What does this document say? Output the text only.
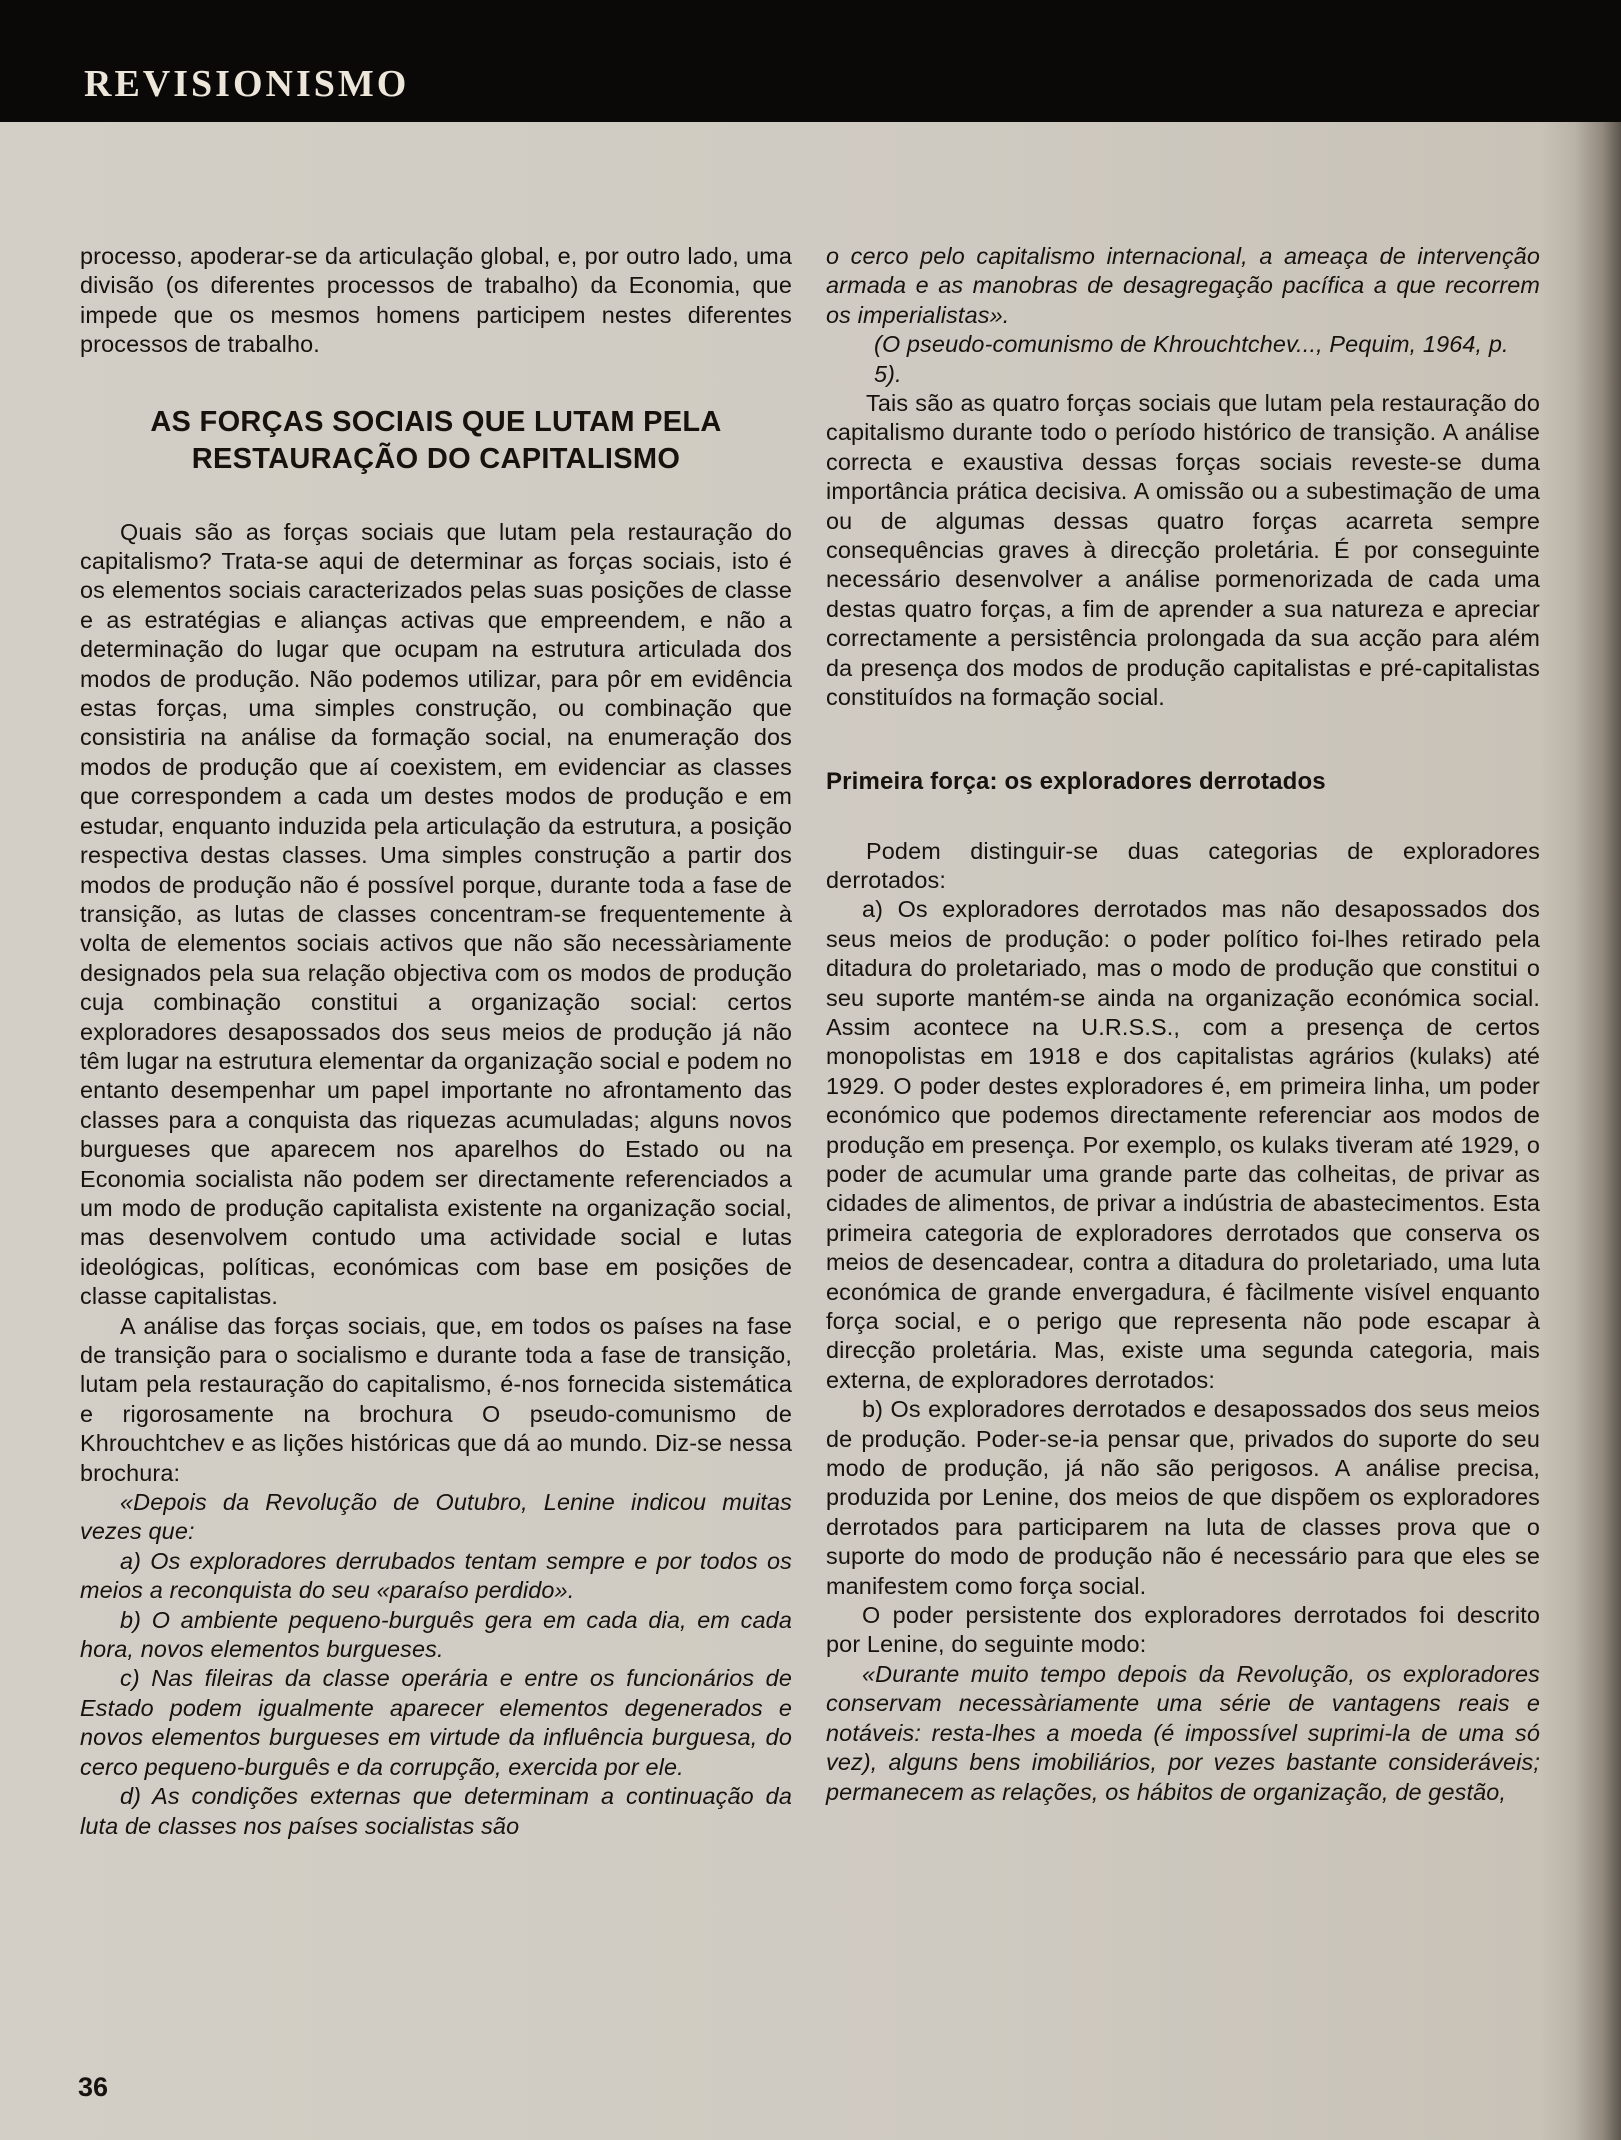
REVISIONISMO

processo, apoderar-se da articulação global, e, por outro lado, uma divisão (os diferentes processos de trabalho) da Economia, que impede que os mesmos homens participem nestes diferentes processos de trabalho.

AS FORÇAS SOCIAIS QUE LUTAM PELA RESTAURAÇÃO DO CAPITALISMO

Quais são as forças sociais que lutam pela restauração do capitalismo? Trata-se aqui de determinar as forças sociais, isto é os elementos sociais caracterizados pelas suas posições de classe e as estratégias e alianças activas que empreendem, e não a determinação do lugar que ocupam na estrutura articulada dos modos de produção. Não podemos utilizar, para pôr em evidência estas forças, uma simples construção, ou combinação que consistiria na análise da formação social, na enumeração dos modos de produção que aí coexistem, em evidenciar as classes que correspondem a cada um destes modos de produção e em estudar, enquanto induzida pela articulação da estrutura, a posição respectiva destas classes. Uma simples construção a partir dos modos de produção não é possível porque, durante toda a fase de transição, as lutas de classes concentram-se frequentemente à volta de elementos sociais activos que não são necessàriamente designados pela sua relação objectiva com os modos de produção cuja combinação constitui a organização social: certos exploradores desapossados dos seus meios de produção já não têm lugar na estrutura elementar da organização social e podem no entanto desempenhar um papel importante no afrontamento das classes para a conquista das riquezas acumuladas; alguns novos burgueses que aparecem nos aparelhos do Estado ou na Economia socialista não podem ser directamente referenciados a um modo de produção capitalista existente na organização social, mas desenvolvem contudo uma actividade social e lutas ideológicas, políticas, económicas com base em posições de classe capitalistas.

A análise das forças sociais, que, em todos os países na fase de transição para o socialismo e durante toda a fase de transição, lutam pela restauração do capitalismo, é-nos fornecida sistemática e rigorosamente na brochura O pseudo-comunismo de Khrouchtchev e as lições históricas que dá ao mundo. Diz-se nessa brochura:

«Depois da Revolução de Outubro, Lenine indicou muitas vezes que:

a) Os exploradores derrubados tentam sempre e por todos os meios a reconquista do seu «paraíso perdido».

b) O ambiente pequeno-burguês gera em cada dia, em cada hora, novos elementos burgueses.

c) Nas fileiras da classe operária e entre os funcionários de Estado podem igualmente aparecer elementos degenerados e novos elementos burgueses em virtude da influência burguesa, do cerco pequeno-burguês e da corrupção, exercida por ele.

d) As condições externas que determinam a continuação da luta de classes nos países socialistas são

o cerco pelo capitalismo internacional, a ameaça de intervenção armada e as manobras de desagregação pacífica a que recorrem os imperialistas».

(O pseudo-comunismo de Khrouchtchev..., Pequim, 1964, p. 5).

Tais são as quatro forças sociais que lutam pela restauração do capitalismo durante todo o período histórico de transição. A análise correcta e exaustiva dessas forças sociais reveste-se duma importância prática decisiva. A omissão ou a subestimação de uma ou de algumas dessas quatro forças acarreta sempre consequências graves à direcção proletária. É por conseguinte necessário desenvolver a análise pormenorizada de cada uma destas quatro forças, a fim de aprender a sua natureza e apreciar correctamente a persistência prolongada da sua acção para além da presença dos modos de produção capitalistas e pré-capitalistas constituídos na formação social.

Primeira força: os exploradores derrotados

Podem distinguir-se duas categorias de exploradores derrotados:

a) Os exploradores derrotados mas não desapossados dos seus meios de produção: o poder político foi-lhes retirado pela ditadura do proletariado, mas o modo de produção que constitui o seu suporte mantém-se ainda na organização económica social. Assim acontece na U.R.S.S., com a presença de certos monopolistas em 1918 e dos capitalistas agrários (kulaks) até 1929. O poder destes exploradores é, em primeira linha, um poder económico que podemos directamente referenciar aos modos de produção em presença. Por exemplo, os kulaks tiveram até 1929, o poder de acumular uma grande parte das colheitas, de privar as cidades de alimentos, de privar a indústria de abastecimentos. Esta primeira categoria de exploradores derrotados que conserva os meios de desencadear, contra a ditadura do proletariado, uma luta económica de grande envergadura, é fàcilmente visível enquanto força social, e o perigo que representa não pode escapar à direcção proletária. Mas, existe uma segunda categoria, mais externa, de exploradores derrotados:

b) Os exploradores derrotados e desapossados dos seus meios de produção. Poder-se-ia pensar que, privados do suporte do seu modo de produção, já não são perigosos. A análise precisa, produzida por Lenine, dos meios de que dispõem os exploradores derrotados para participarem na luta de classes prova que o suporte do modo de produção não é necessário para que eles se manifestem como força social.

O poder persistente dos exploradores derrotados foi descrito por Lenine, do seguinte modo:

«Durante muito tempo depois da Revolução, os exploradores conservam necessàriamente uma série de vantagens reais e notáveis: resta-lhes a moeda (é impossível suprimi-la de uma só vez), alguns bens imobiliários, por vezes bastante consideráveis; permanecem as relações, os hábitos de organização, de gestão,

36
